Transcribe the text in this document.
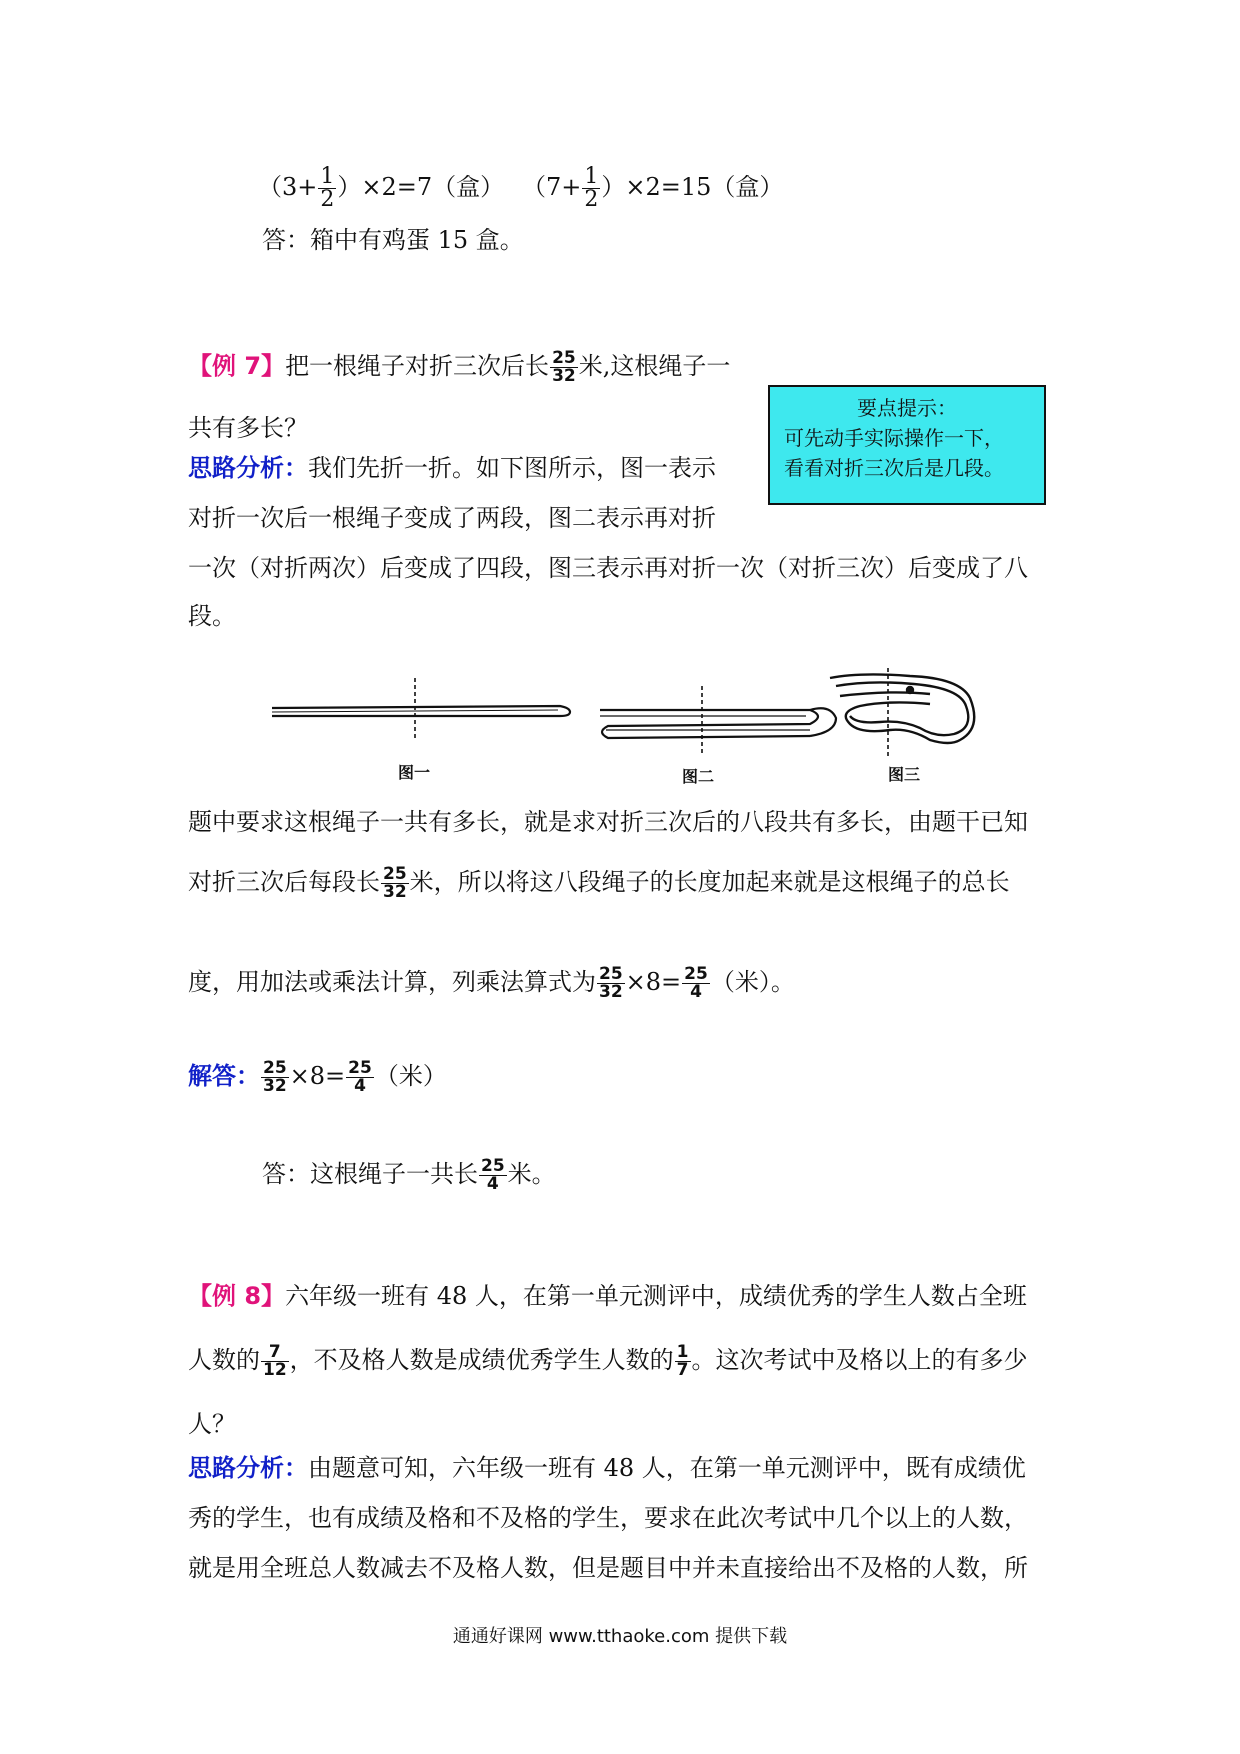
$(3+ \frac{1}{2} )\times 2=7$（盒） $(7+ \frac{1}{2} )\times 2=15$（盒）
答：箱中有鸡蛋 15 盒。
【例 7】把一根绳子对折三次后长 $\frac{25}{32}$ 米,这根绳子一
共有多长？
要点提示：
可先动手实际操作一下，
看看对折三次后是几段。
思路分析：我们先折一折。如下图所示，图一表示
对折一次后一根绳子变成了两段，图二表示再对折
一次（对折两次）后变成了四段，图三表示再对折一次（对折三次）后变成了八
段。
图一	图二	图三
题中要求这根绳子一共有多长，就是求对折三次后的八段共有多长，由题干已知
对折三次后每段长 $\frac{25}{32}$ 米，所以将这八段绳子的长度加起来就是这根绳子的总长
度，用加法或乘法计算，列乘法算式为 $\frac{25}{32} \times 8= \frac{25}{4}$ （米）。
解答： $\frac{25}{32} \times 8= \frac{25}{4}$ （米）
答：这根绳子一共长 $\frac{25}{4}$ 米。
【例 8】六年级一班有 48 人，在第一单元测评中，成绩优秀的学生人数占全班
人数的 $\frac{7}{12}$ ，不及格人数是成绩优秀学生人数的 $\frac{1}{7}$ 。这次考试中及格以上的有多少
人？
思路分析：由题意可知，六年级一班有 48 人，在第一单元测评中，既有成绩优
秀的学生，也有成绩及格和不及格的学生，要求在此次考试中几个以上的人数，
就是用全班总人数减去不及格人数，但是题目中并未直接给出不及格的人数，所
通通好课网 www.tthaoke.com 提供下载
